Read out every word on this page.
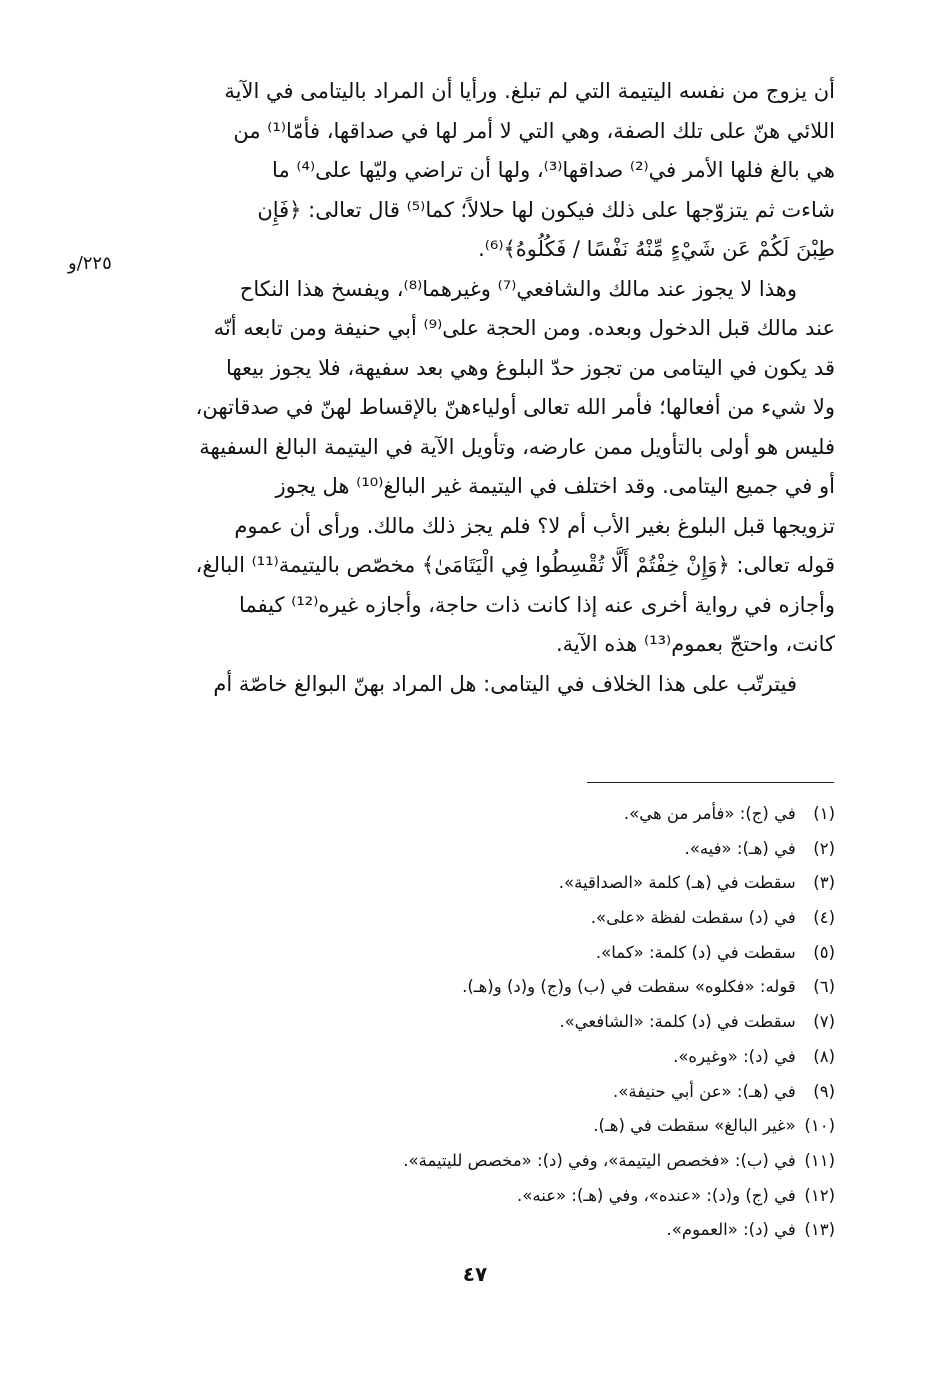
أن يزوج من نفسه اليتيمة التي لم تبلغ. ورأيا أن المراد باليتامى في الآية
اللائي هنّ على تلك الصفة، وهي التي لا أمر لها في صداقها، فأمّا⁽¹⁾ من
هي بالغ فلها الأمر في⁽²⁾ صداقها⁽³⁾، ولها أن تراضي وليّها على⁽⁴⁾ ما
شاءت ثم يتزوّجها على ذلك فيكون لها حلالاً؛ كما⁽⁵⁾ قال تعالى: ﴿فَإِن
طِبْنَ لَكُمْ عَن شَيْءٍ مِّنْهُ نَفْسًا / فَكُلُوهُ﴾⁽⁶⁾.
وهذا لا يجوز عند مالك والشافعي⁽⁷⁾ وغيرهما⁽⁸⁾، ويفسخ هذا النكاح
عند مالك قبل الدخول وبعده. ومن الحجة على⁽⁹⁾ أبي حنيفة ومن تابعه أنّه
قد يكون في اليتامى من تجوز حدّ البلوغ وهي بعد سفيهة، فلا يجوز بيعها
ولا شيء من أفعالها؛ فأمر الله تعالى أولياءهنّ بالإقساط لهنّ في صدقاتهن،
فليس هو أولى بالتأويل ممن عارضه، وتأويل الآية في اليتيمة البالغ السفيهة
أو في جميع اليتامى. وقد اختلف في اليتيمة غير البالغ⁽¹⁰⁾ هل يجوز
تزويجها قبل البلوغ بغير الأب أم لا؟ فلم يجز ذلك مالك. ورأى أن عموم
قوله تعالى: ﴿وَإِنْ خِفْتُمْ أَلَّا تُقْسِطُوا فِي الْيَتَامَىٰ﴾ مخصّص باليتيمة⁽¹¹⁾ البالغ،
وأجازه في رواية أخرى عنه إذا كانت ذات حاجة، وأجازه غيره⁽¹²⁾ كيفما
كانت، واحتجّ بعموم⁽¹³⁾ هذه الآية.
فيترتّب على هذا الخلاف في اليتامى: هل المراد بهنّ البوالغ خاصّة أم
٢٢٥/و
(١) في (ج): «فأمر من هي».
(٢) في (هـ): «فيه».
(٣) سقطت في (هـ) كلمة «الصداقية».
(٤) في (د) سقطت لفظة «على».
(٥) سقطت في (د) كلمة: «كما».
(٦) قوله: «فكلوه» سقطت في (ب) و(ج) و(د) و(هـ).
(٧) سقطت في (د) كلمة: «الشافعي».
(٨) في (د): «وغيره».
(٩) في (هـ): «عن أبي حنيفة».
(١٠) «غير البالغ» سقطت في (هـ).
(١١) في (ب): «فخصص اليتيمة»، وفي (د): «مخصص لليتيمة».
(١٢) في (ج) و(د): «عنده»، وفي (هـ): «عنه».
(١٣) في (د): «العموم».
٤٧
